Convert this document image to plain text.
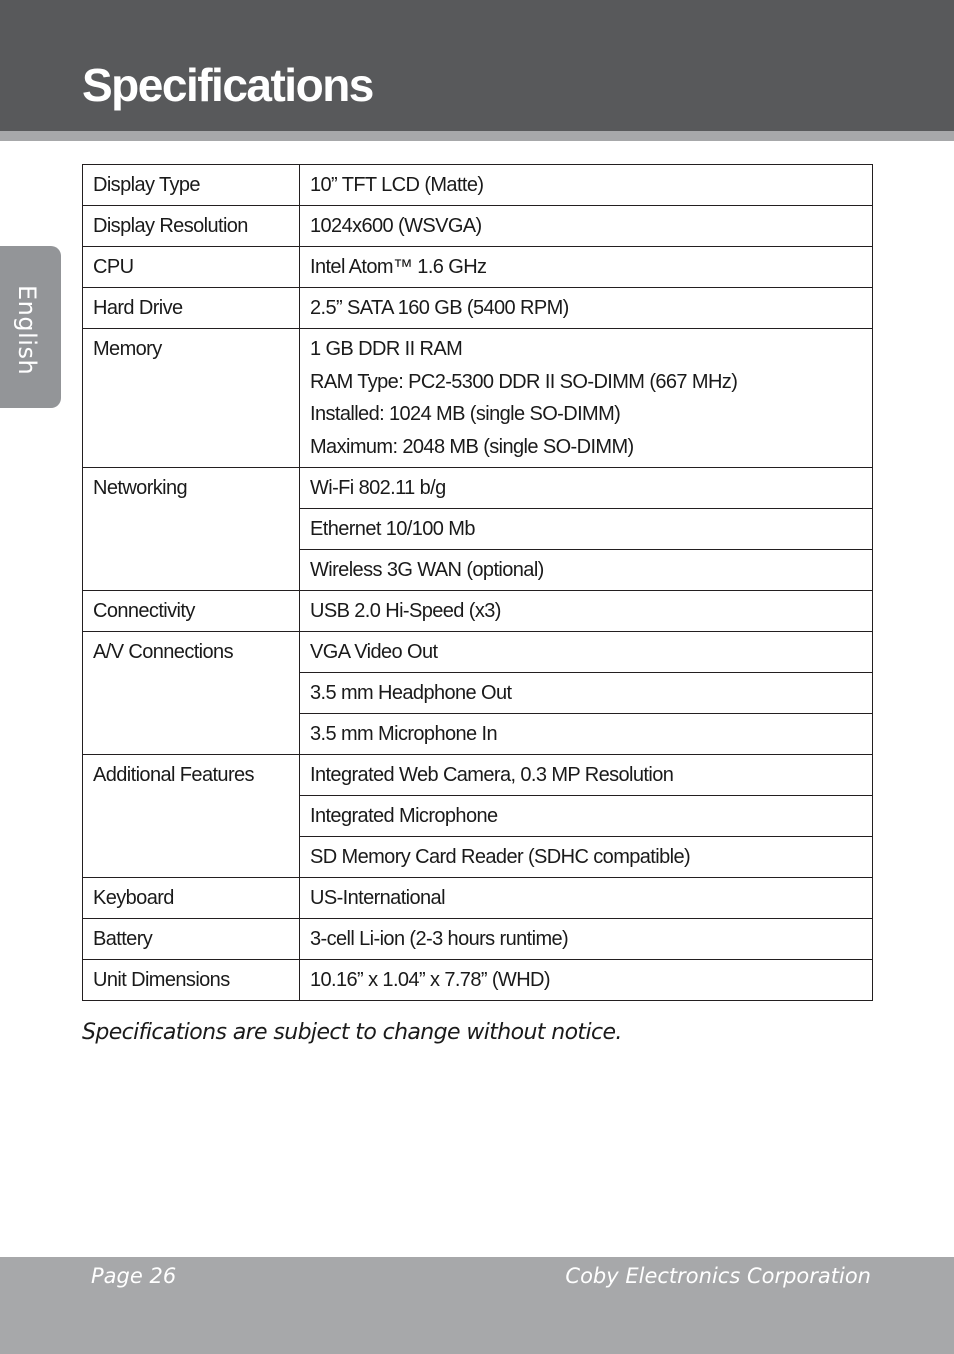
Specifications
English
Display Type	10” TFT LCD (Matte)
Display Resolution	1024x600 (WSVGA)
CPU	Intel Atom™ 1.6 GHz
Hard Drive	2.5” SATA 160 GB (5400 RPM)
Memory	1 GB DDR II RAM
RAM Type: PC2-5300 DDR II SO-DIMM (667 MHz)
Installed: 1024 MB (single SO-DIMM)
Maximum: 2048 MB (single SO-DIMM)

Networking	Wi-Fi 802.11 b/g
	Ethernet 10/100 Mb
	Wireless 3G WAN (optional)
Connectivity	USB 2.0 Hi-Speed (x3)
A/V Connections	VGA Video Out
	3.5 mm Headphone Out
	3.5 mm Microphone In
Additional Features	Integrated Web Camera, 0.3 MP Resolution
	Integrated Microphone
	SD Memory Card Reader (SDHC compatible)
Keyboard	US-International
Battery	3-cell Li-ion (2-3 hours runtime)
Unit Dimensions	10.16” x 1.04” x 7.78” (WHD)

Specifications are subject to change without notice.

Page 26	Coby Electronics Corporation
